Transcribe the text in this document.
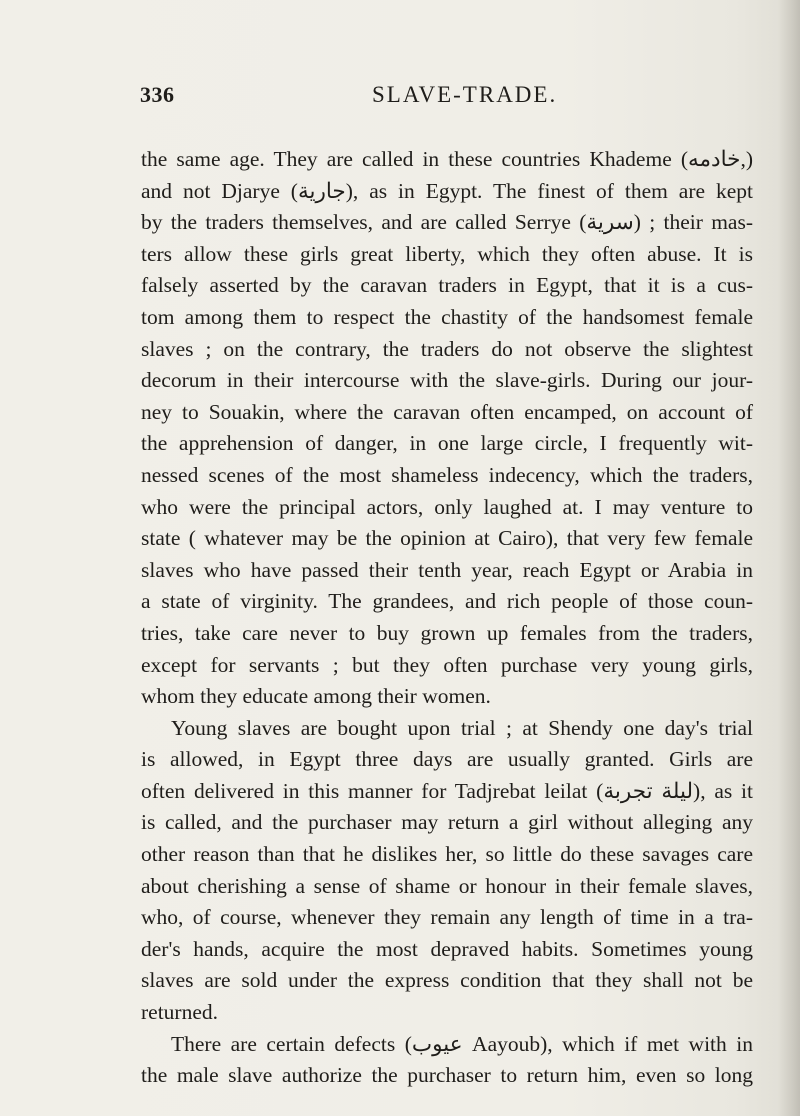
336	SLAVE-TRADE.
the same age. They are called in these countries Khademe (خادمه,)
and not Djarye (جارية), as in Egypt. The finest of them are kept
by the traders themselves, and are called Serrye (سرية) ; their mas-
ters allow these girls great liberty, which they often abuse. It is
falsely asserted by the caravan traders in Egypt, that it is a cus-
tom among them to respect the chastity of the handsomest female
slaves ; on the contrary, the traders do not observe the slightest
decorum in their intercourse with the slave-girls. During our jour-
ney to Souakin, where the caravan often encamped, on account of
the apprehension of danger, in one large circle, I frequently wit-
nessed scenes of the most shameless indecency, which the traders,
who were the principal actors, only laughed at. I may venture to
state ( whatever may be the opinion at Cairo), that very few female
slaves who have passed their tenth year, reach Egypt or Arabia in
a state of virginity. The grandees, and rich people of those coun-
tries, take care never to buy grown up females from the traders,
except for servants ; but they often purchase very young girls,
whom they educate among their women.
Young slaves are bought upon trial ; at Shendy one day's trial
is allowed, in Egypt three days are usually granted. Girls are
often delivered in this manner for Tadjrebat leilat (ليلة تجربة), as it
is called, and the purchaser may return a girl without alleging any
other reason than that he dislikes her, so little do these savages care
about cherishing a sense of shame or honour in their female slaves,
who, of course, whenever they remain any length of time in a tra-
der's hands, acquire the most depraved habits. Sometimes young
slaves are sold under the express condition that they shall not be
returned.
There are certain defects (عيوب Aayoub), which if met with in
the male slave authorize the purchaser to return him, even so long
